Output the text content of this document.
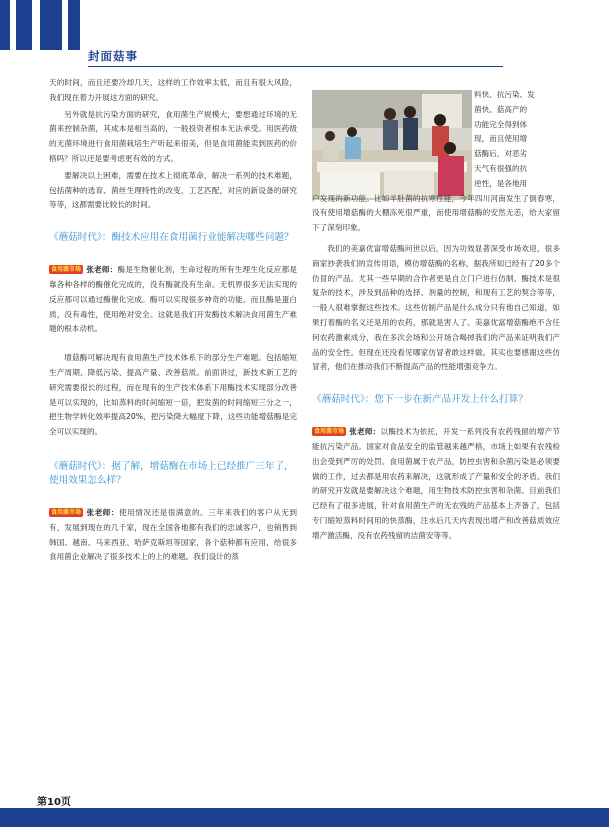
封面菇事

天的时间，而且还要冷却几天，这样的工作效率太低，而且有很大风险，我们现在着力开展这方面的研究。

另外就是抗污染方面的研究，食用菌生产规模大，要想通过环境的无菌来控制杂菌，其成本是相当高的，一般投资者根本无法承受。用医药级的无菌环境进行食用菌栽培生产听起来很美，但是食用菌能卖到医药的价格吗？所以还是要考虑更有效的方式。

要解决以上困难，需要在技术上彻底革命，解决一系列的技术难题，包括菌种的选育、菌丝生理特性的改变，工艺匹配，对应的新设备的研究等等，这都需要比较长的时间。

《蘑菇时代》：酶技术应用在食用菌行业能解决哪些问题？

食用菌市场 张老师：酶是生物催化剂，生命过程的所有生理生化反应都是靠各种各样的酶催化完成的，没有酶就没有生命。无机界很多无法实现的反应都可以通过酶催化完成。酶可以实现很多神奇的功能。而且酶是蛋白质，没有毒性，使用绝对安全。这就是我们开发酶技术解决食用菌生产难题的根本动机。

增菇酶可解决现有食用菌生产技术体系下的部分生产难题。包括缩短生产周期、降低污染、提高产量、改善菇质。前面讲过，新技术新工艺的研究需要很长的过程，而在现有的生产技术体系下用酶技术实现部分改善是可以实现的，比如蒸料的时间缩短一倍，把发菌的时间缩短三分之一，把生物学转化效率提高20%，把污染降大幅度下降，这些功能增菇酶是完全可以实现的。

《蘑菇时代》：据了解，增菇酶在市场上已经推广三年了，使用效果怎么样？

食用菌市场 张老师：使用情况还是很满意的。三年来我们的客户从无到有，发展到现在的几千家，现在全国各地都有我们的忠诚客户，也销售到韩国、越南、马来西亚、哈萨克斯坦等国家，各个菇种都有应用，给很多食用菌企业解决了很多技术上的上的难题。我们设计的蒸

料快、抗污染、发

菌快、菇高产的

功能完全得到体

现，而且使用增

菇酶后，对恶劣

天气有很强的抗

逆性，是各地用

户发现的新功能。比如羊肚菌的抗寒性能，今年四川河南发生了倒春寒，没有使用增菇酶的大棚冻死很严重，而使用增菇酶的安然无恙，给大家留下了深刻印象。

我们的美嘉优富增菇酶问世以后，因为功效显著深受市场欢迎，很多商家抄袭我们的宣传用语，模仿增菇酶的名称，据我所知已经有了20多个仿冒的产品。尤其一些早期的合作者更是自立门户进行仿制。酶技术是很复杂的技术，涉及到品种的选择、剂量的控制，和现有工艺的契合等等，一般人很难掌握这些技术。这些仿制产品是什么成分只有他自己知道，如果打着酶的名义还是用的农药，那就是害人了。美嘉优富增菇酶绝不含任何农药激素成分，我在多次会场和公开场合喝掉我们的产品来证明我们产品的安全性。但现在还没看见哪家仿冒者敢这样做。其实也要感谢这些仿冒者，他们在推动我们不断提高产品的性能增强竞争力。

《蘑菇时代》：您下一步在新产品开发上什么打算？

食用菌市场 张老师：以酶技术为依托，开发一系列没有农药残留的增产节能抗污染产品。国家对食品安全的监管越来越严格，市场上如果有农残检出会受到严厉的处罚。食用菌属于农产品，防控虫害和杂菌污染是必须要做的工作，过去都是用农药来解决，这就形成了产量和安全的矛盾。我们的研究开发就是要解决这个难题，用生物技术防控虫害和杂菌。目前我们已经有了很多进展，针对食用菌生产的无农残的产品基本上齐备了，包括专门缩短蒸料时间用的快蒸酶，注水后几天内表现出增产和改善菇质效应增产激活酶，没有农药残留的洁菌安等等。

第10页
